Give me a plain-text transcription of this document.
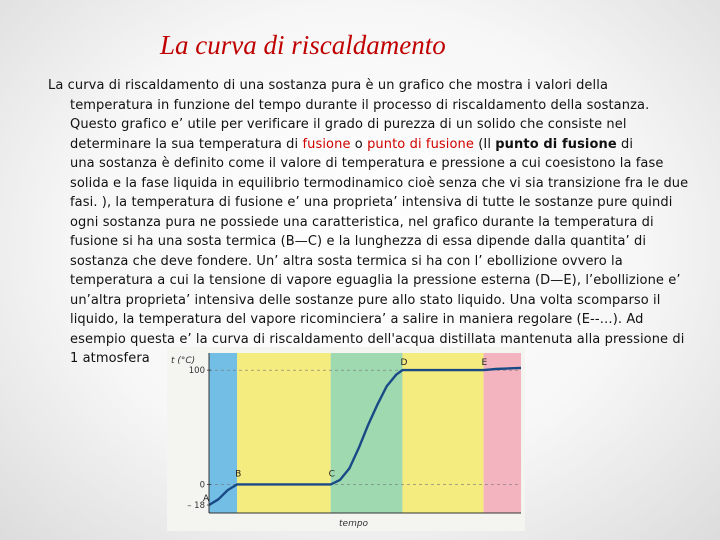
La curva di riscaldamento
La curva di riscaldamento di una sostanza pura è un grafico che mostra i valori della
temperatura in funzione del tempo durante il processo di riscaldamento della sostanza.
Questo grafico e’ utile per verificare il grado di purezza di un solido che consiste nel
determinare la sua temperatura di fusione o punto di fusione (Il punto di fusione di
una sostanza è definito come il valore di temperatura e pressione a cui coesistono la fase
solida e la fase liquida in equilibrio termodinamico cioè senza che vi sia transizione fra le due
fasi. ), la temperatura di fusione e’ una proprieta’ intensiva di tutte le sostanze pure quindi
ogni sostanza pura ne possiede una caratteristica, nel grafico durante la temperatura di
fusione si ha una sosta termica (B—C) e la lunghezza di essa dipende dalla quantita’ di
sostanza che deve fondere. Un’ altra sosta termica si ha con l’ ebollizione ovvero la
temperatura a cui la tensione di vapore eguaglia la pressione esterna (D—E), l’ebollizione e’
un’altra proprieta’ intensiva delle sostanze pure allo stato liquido. Una volta scomparso il
liquido, la temperatura del vapore ricominciera’ a salire in maniera regolare (E--…). Ad
esempio questa e’ la curva di riscaldamento dell'acqua distillata mantenuta alla pressione di
1 atmosfera
100
0
– 18
A
B	C
D	E
t (°C)
tempo
